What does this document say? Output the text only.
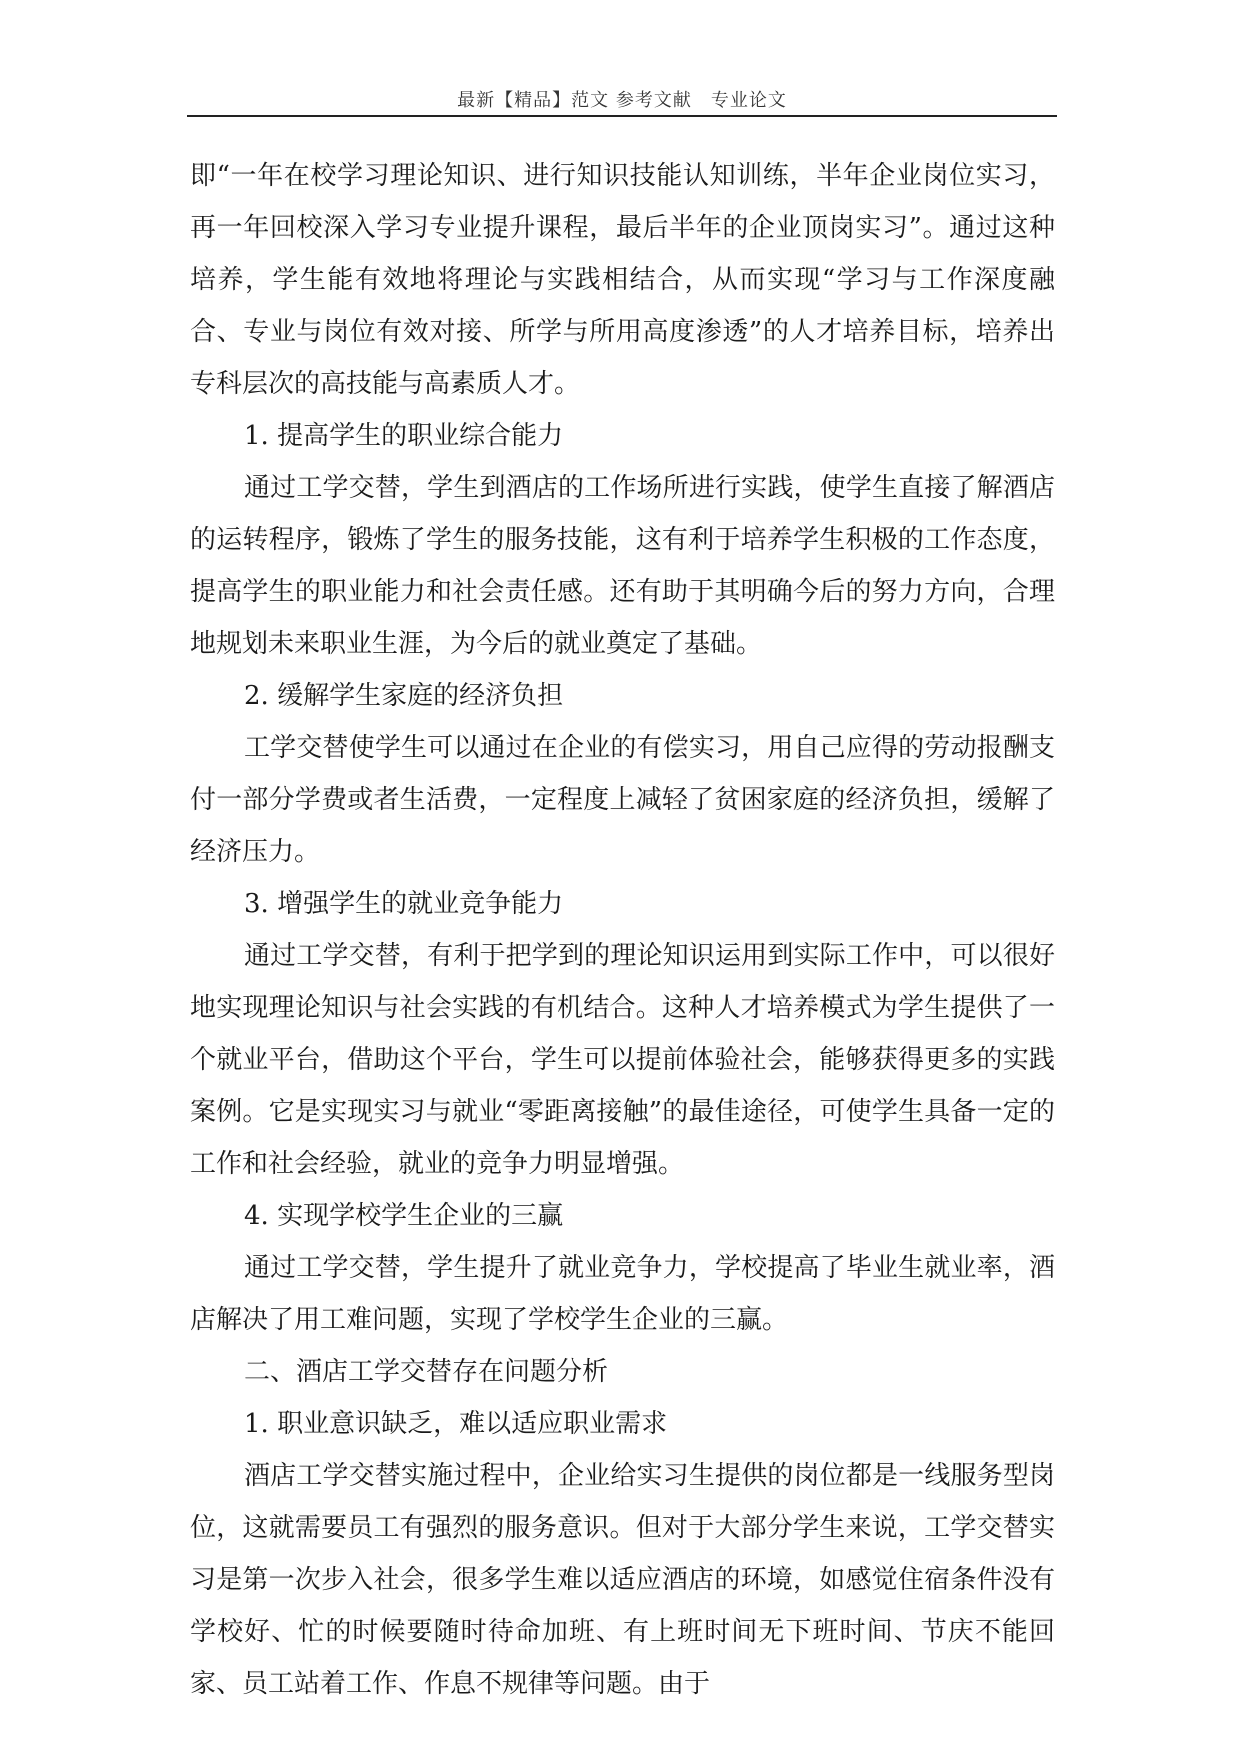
最新【精品】范文 参考文献　专业论文

即“一年在校学习理论知识、进行知识技能认知训练，半年企业岗位实习，再一年回校深入学习专业提升课程，最后半年的企业顶岗实习”。通过这种培养，学生能有效地将理论与实践相结合，从而实现“学习与工作深度融合、专业与岗位有效对接、所学与所用高度渗透”的人才培养目标，培养出专科层次的高技能与高素质人才。

1. 提高学生的职业综合能力

通过工学交替，学生到酒店的工作场所进行实践，使学生直接了解酒店的运转程序，锻炼了学生的服务技能，这有利于培养学生积极的工作态度，提高学生的职业能力和社会责任感。还有助于其明确今后的努力方向，合理地规划未来职业生涯，为今后的就业奠定了基础。

2. 缓解学生家庭的经济负担

工学交替使学生可以通过在企业的有偿实习，用自己应得的劳动报酬支付一部分学费或者生活费，一定程度上减轻了贫困家庭的经济负担，缓解了经济压力。

3. 增强学生的就业竞争能力

通过工学交替，有利于把学到的理论知识运用到实际工作中，可以很好地实现理论知识与社会实践的有机结合。这种人才培养模式为学生提供了一个就业平台，借助这个平台，学生可以提前体验社会，能够获得更多的实践案例。它是实现实习与就业“零距离接触”的最佳途径，可使学生具备一定的工作和社会经验，就业的竞争力明显增强。

4. 实现学校学生企业的三赢

通过工学交替，学生提升了就业竞争力，学校提高了毕业生就业率，酒店解决了用工难问题，实现了学校学生企业的三赢。

二、酒店工学交替存在问题分析

1. 职业意识缺乏，难以适应职业需求

酒店工学交替实施过程中，企业给实习生提供的岗位都是一线服务型岗位，这就需要员工有强烈的服务意识。但对于大部分学生来说，工学交替实习是第一次步入社会，很多学生难以适应酒店的环境，如感觉住宿条件没有学校好、忙的时候要随时待命加班、有上班时间无下班时间、节庆不能回家、员工站着工作、作息不规律等问题。由于
